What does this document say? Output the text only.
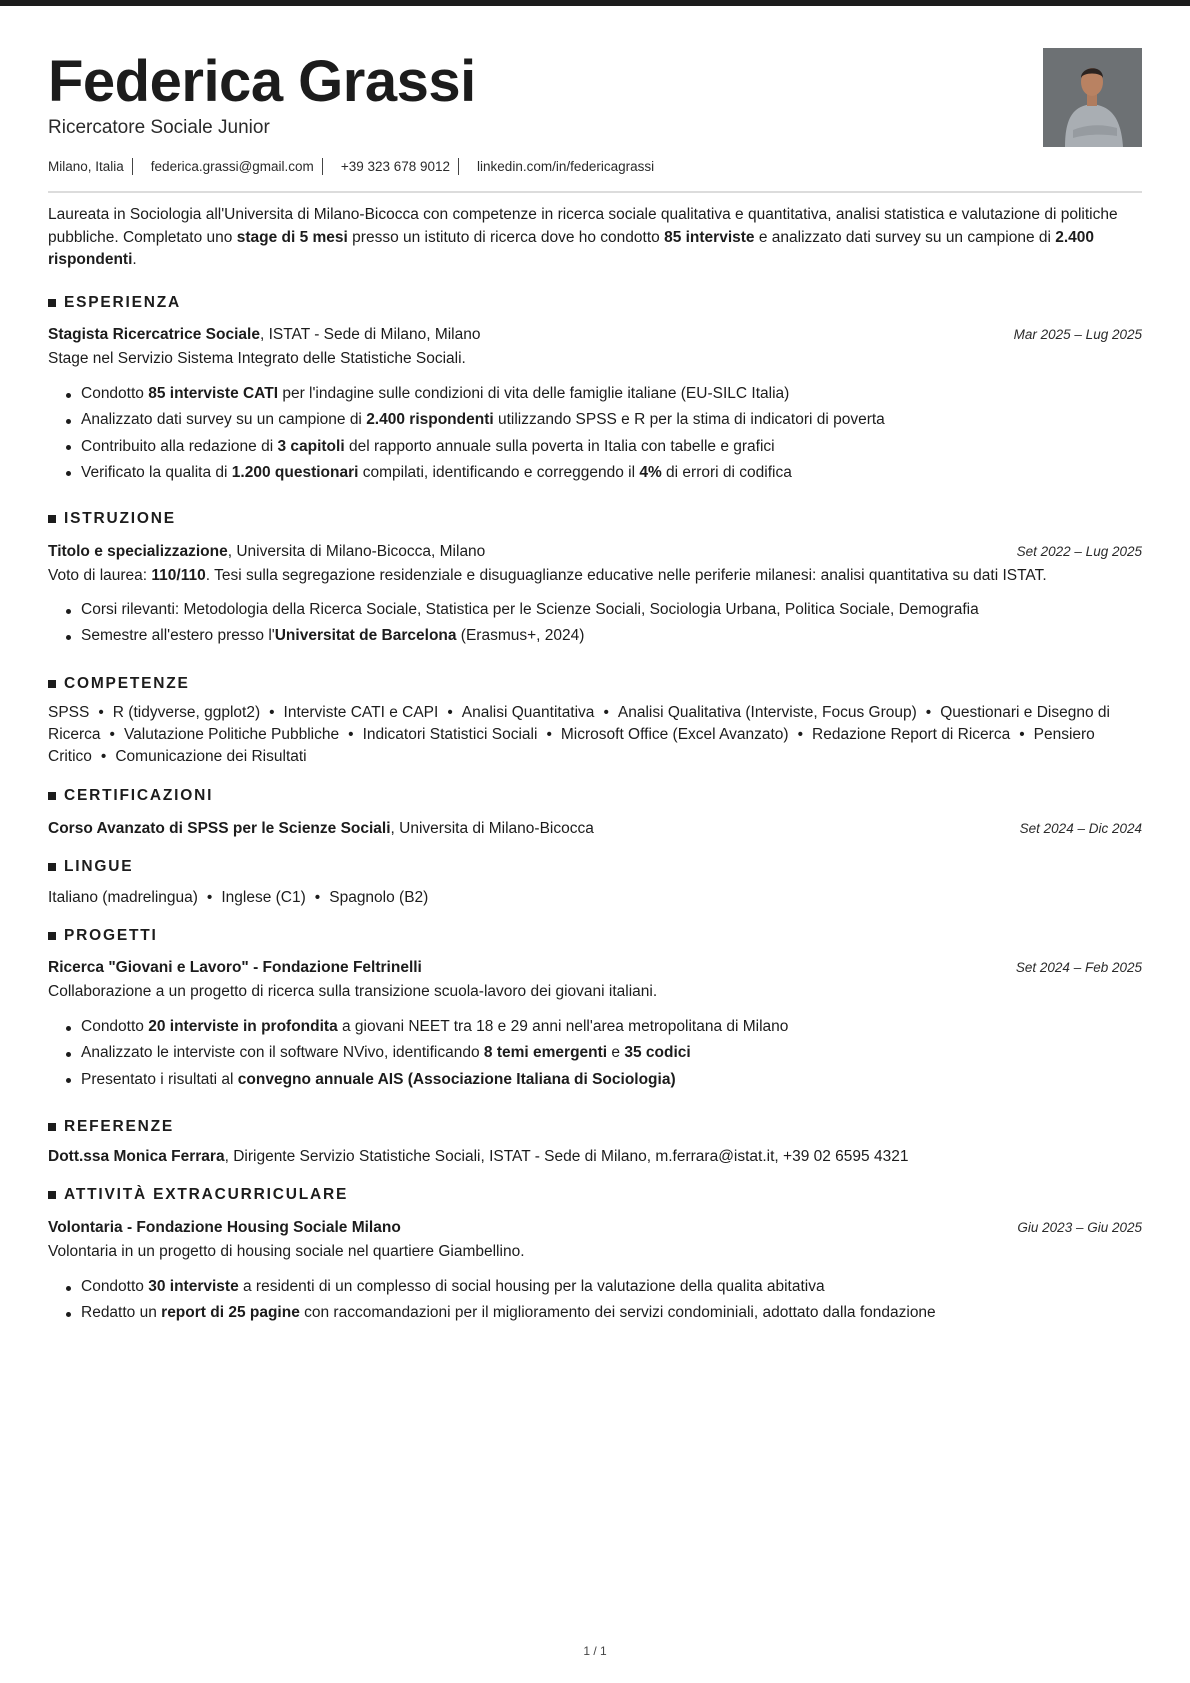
Federica Grassi
Ricercatore Sociale Junior
Milano, Italia federica.grassi@gmail.com +39 323 678 9012 linkedin.com/in/federicagrassi

Laureata in Sociologia all'Universita di Milano-Bicocca con competenze in ricerca sociale qualitativa e quantitativa, analisi statistica e valutazione di politiche pubbliche. Completato uno stage di 5 mesi presso un istituto di ricerca dove ho condotto 85 interviste e analizzato dati survey su un campione di 2.400 rispondenti.

ESPERIENZA
Stagista Ricercatrice Sociale, ISTAT - Sede di Milano, Milano	Mar 2025 – Lug 2025
Stage nel Servizio Sistema Integrato delle Statistiche Sociali.
Condotto 85 interviste CATI per l'indagine sulle condizioni di vita delle famiglie italiane (EU-SILC Italia)
Analizzato dati survey su un campione di 2.400 rispondenti utilizzando SPSS e R per la stima di indicatori di poverta
Contribuito alla redazione di 3 capitoli del rapporto annuale sulla poverta in Italia con tabelle e grafici
Verificato la qualita di 1.200 questionari compilati, identificando e correggendo il 4% di errori di codifica
ISTRUZIONE
Titolo e specializzazione, Universita di Milano-Bicocca, Milano	Set 2022 – Lug 2025
Voto di laurea: 110/110. Tesi sulla segregazione residenziale e disuguaglianze educative nelle periferie milanesi: analisi quantitativa su dati ISTAT.
Corsi rilevanti: Metodologia della Ricerca Sociale, Statistica per le Scienze Sociali, Sociologia Urbana, Politica Sociale, Demografia
Semestre all'estero presso l'Universitat de Barcelona (Erasmus+, 2024)
COMPETENZE
SPSS • R (tidyverse, ggplot2) • Interviste CATI e CAPI • Analisi Quantitativa • Analisi Qualitativa (Interviste, Focus Group) • Questionari e Disegno di Ricerca • Valutazione Politiche Pubbliche • Indicatori Statistici Sociali • Microsoft Office (Excel Avanzato) • Redazione Report di Ricerca • Pensiero Critico • Comunicazione dei Risultati
CERTIFICAZIONI
Corso Avanzato di SPSS per le Scienze Sociali, Universita di Milano-Bicocca	Set 2024 – Dic 2024
LINGUE
Italiano (madrelingua) • Inglese (C1) • Spagnolo (B2)
PROGETTI
Ricerca "Giovani e Lavoro" - Fondazione Feltrinelli	Set 2024 – Feb 2025
Collaborazione a un progetto di ricerca sulla transizione scuola-lavoro dei giovani italiani.
Condotto 20 interviste in profondita a giovani NEET tra 18 e 29 anni nell'area metropolitana di Milano
Analizzato le interviste con il software NVivo, identificando 8 temi emergenti e 35 codici
Presentato i risultati al convegno annuale AIS (Associazione Italiana di Sociologia)
REFERENZE
Dott.ssa Monica Ferrara, Dirigente Servizio Statistiche Sociali, ISTAT - Sede di Milano, m.ferrara@istat.it, +39 02 6595 4321
ATTIVITÀ EXTRACURRICULARE
Volontaria - Fondazione Housing Sociale Milano	Giu 2023 – Giu 2025
Volontaria in un progetto di housing sociale nel quartiere Giambellino.
Condotto 30 interviste a residenti di un complesso di social housing per la valutazione della qualita abitativa
Redatto un report di 25 pagine con raccomandazioni per il miglioramento dei servizi condominiali, adottato dalla fondazione
1 / 1
